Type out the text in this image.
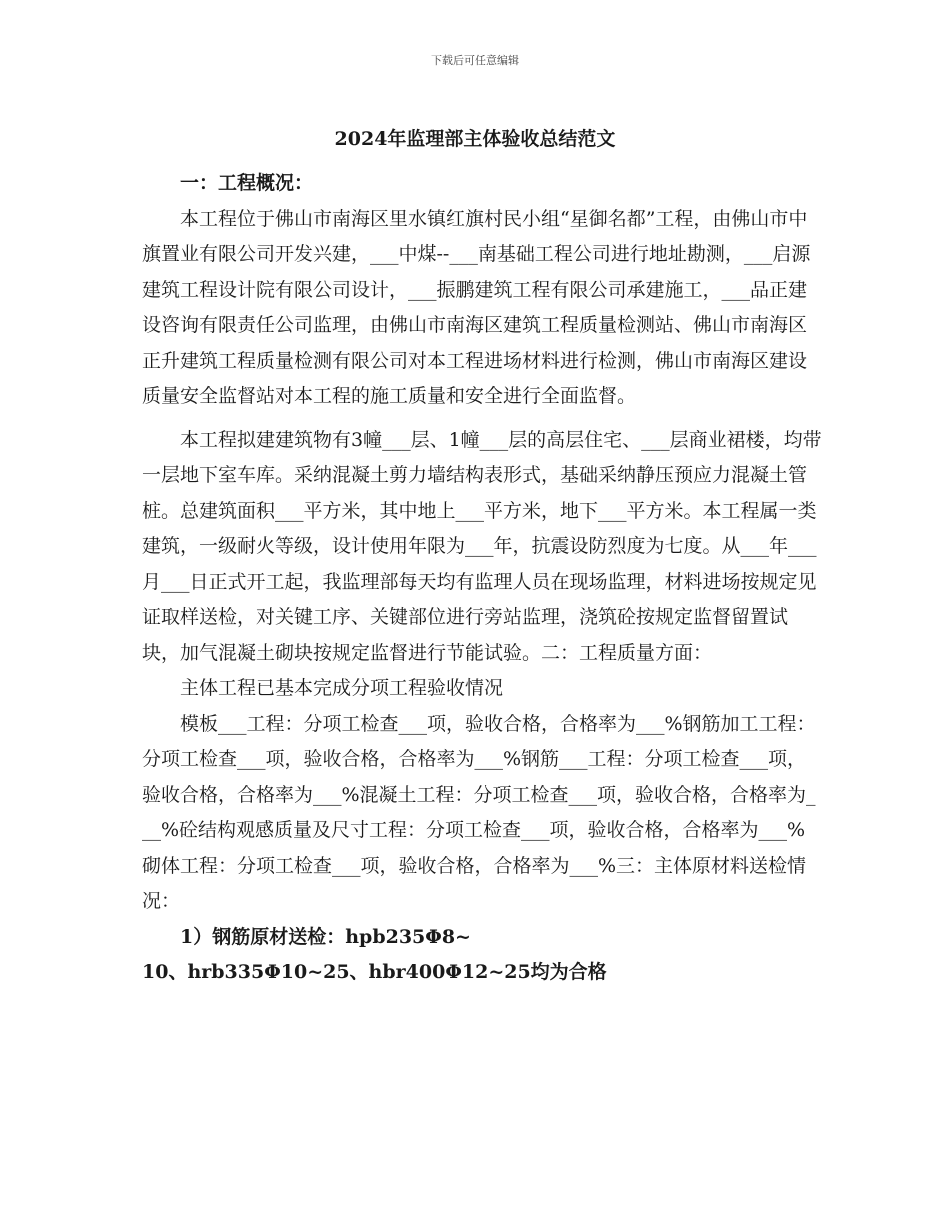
下载后可任意编辑
2024年监理部主体验收总结范文

一：工程概况：

本工程位于佛山市南海区里水镇红旗村民小组“星御名都”工程，由佛山市中旗置业有限公司开发兴建，___中煤--___南基础工程公司进行地址勘测，___启源建筑工程设计院有限公司设计，___振鹏建筑工程有限公司承建施工，___品正建设咨询有限责任公司监理，由佛山市南海区建筑工程质量检测站、佛山市南海区正升建筑工程质量检测有限公司对本工程进场材料进行检测，佛山市南海区建设质量安全监督站对本工程的施工质量和安全进行全面监督。

本工程拟建建筑物有3幢___层、1幢___层的高层住宅、___层商业裙楼，均带一层地下室车库。采纳混凝土剪力墙结构表形式，基础采纳静压预应力混凝土管桩。总建筑面积___平方米，其中地上___平方米，地下___平方米。本工程属一类建筑，一级耐火等级，设计使用年限为___年，抗震设防烈度为七度。从___年___月___日正式开工起，我监理部每天均有监理人员在现场监理，材料进场按规定见证取样送检，对关键工序、关键部位进行旁站监理，浇筑砼按规定监督留置试块，加气混凝土砌块按规定监督进行节能试验。二：工程质量方面：

主体工程已基本完成分项工程验收情况

模板___工程：分项工检查___项，验收合格，合格率为___%钢筋加工工程：分项工检查___项，验收合格，合格率为___%钢筋___工程：分项工检查___项，验收合格，合格率为___%混凝土工程：分项工检查___项，验收合格，合格率为___%砼结构观感质量及尺寸工程：分项工检查___项，验收合格，合格率为___%砌体工程：分项工检查___项，验收合格，合格率为___%三：主体原材料送检情况：

1）钢筋原材送检：hpb235Φ8~

10、hrb335Φ10~25、hbr400Φ12~25均为合格
